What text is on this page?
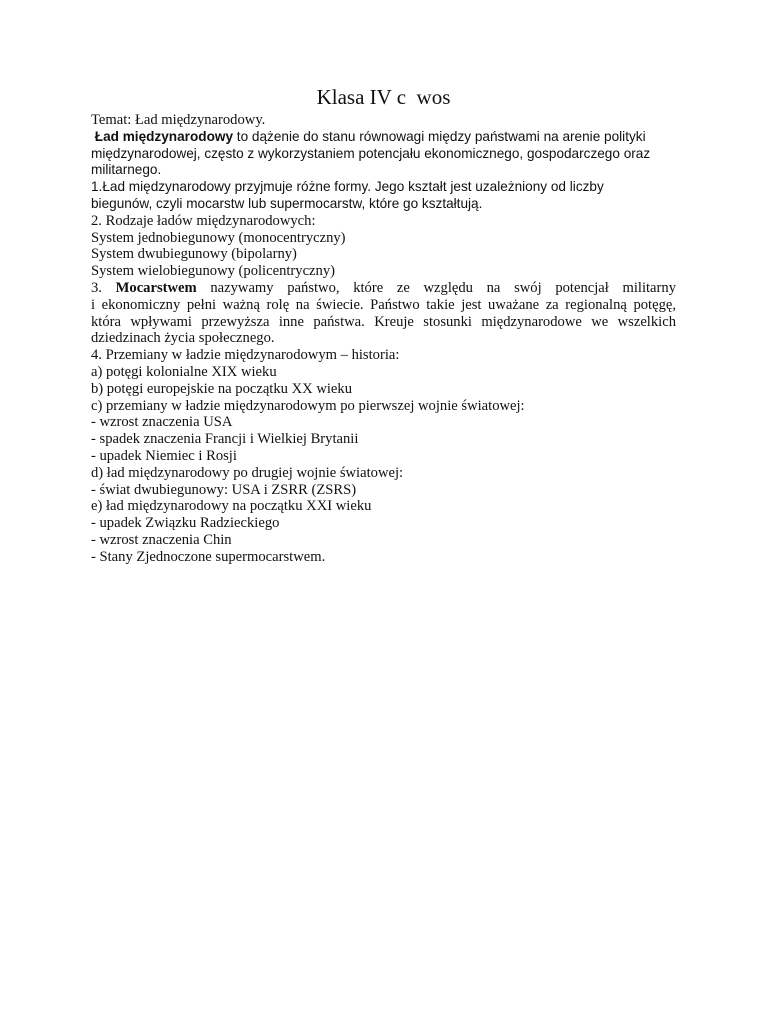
Klasa IV c  wos

Temat: Ład międzynarodowy.

Ład międzynarodowy to dążenie do stanu równowagi między państwami na arenie polityki
międzynarodowej, często z wykorzystaniem potencjału ekonomicznego, gospodarczego oraz
militarnego.

1.Ład międzynarodowy przyjmuje różne formy. Jego kształt jest uzależniony od liczby
biegunów, czyli mocarstw lub supermocarstw, które go kształtują.

2. Rodzaje ładów międzynarodowych:

System jednobiegunowy (monocentryczny)

System dwubiegunowy (bipolarny)

System wielobiegunowy (policentryczny)

3. Mocarstwem nazywamy państwo, które ze względu na swój potencjał militarny
i ekonomiczny pełni ważną rolę na świecie. Państwo takie jest uważane za regionalną potęgę,
która wpływami przewyższa inne państwa. Kreuje stosunki międzynarodowe we wszelkich
dziedzinach życia społecznego.

4. Przemiany w ładzie międzynarodowym – historia:

a) potęgi kolonialne XIX wieku

b) potęgi europejskie na początku XX wieku

c) przemiany w ładzie międzynarodowym po pierwszej wojnie światowej:

- wzrost znaczenia USA

- spadek znaczenia Francji i Wielkiej Brytanii

- upadek Niemiec i Rosji

d) ład międzynarodowy po drugiej wojnie światowej:

- świat dwubiegunowy: USA i ZSRR (ZSRS)

e) ład międzynarodowy na początku XXI wieku

- upadek Związku Radzieckiego

- wzrost znaczenia Chin

- Stany Zjednoczone supermocarstwem.
